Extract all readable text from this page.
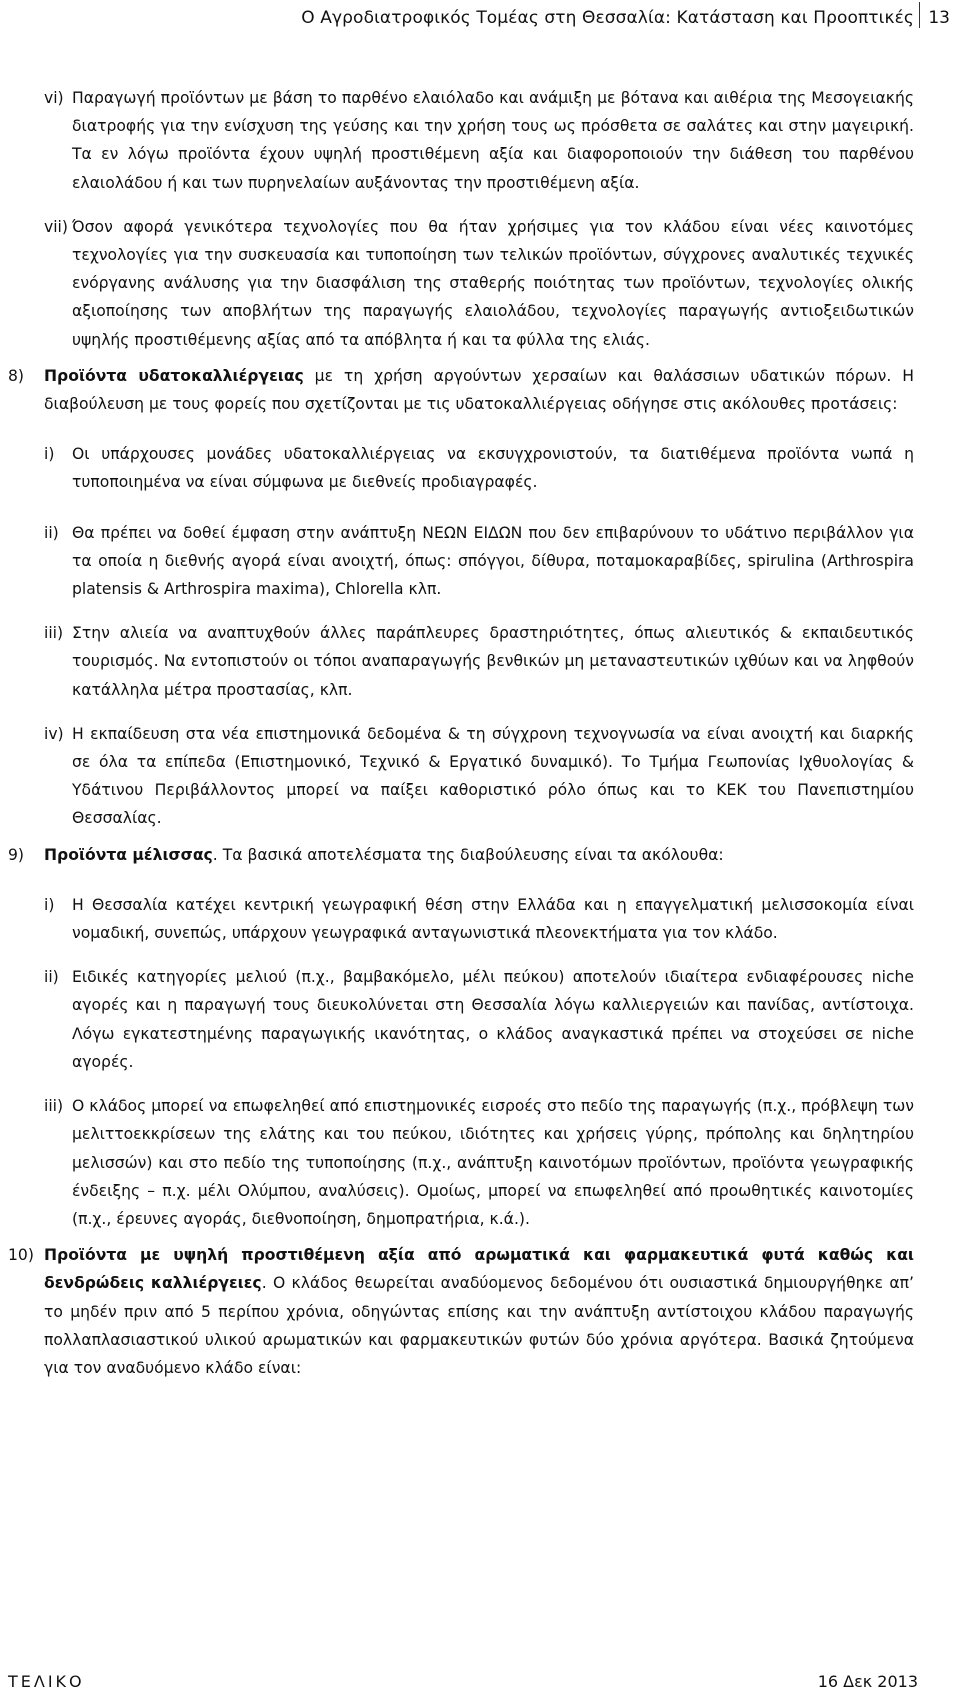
Ο Αγροδιατροφικός Τομέας στη Θεσσαλία: Κατάσταση και Προοπτικές 13
vi) Παραγωγή προϊόντων με βάση το παρθένο ελαιόλαδο και ανάμιξη με βότανα και αιθέρια της Μεσογειακής διατροφής για την ενίσχυση της γεύσης και την χρήση τους ως πρόσθετα σε σαλάτες και στην μαγειρική. Τα εν λόγω προϊόντα έχουν υψηλή προστιθέμενη αξία και διαφοροποιούν την διάθεση του παρθένου ελαιολάδου ή και των πυρηνελαίων αυξάνοντας την προστιθέμενη αξία.
vii) Όσον αφορά γενικότερα τεχνολογίες που θα ήταν χρήσιμες για τον κλάδου είναι νέες καινοτόμες τεχνολογίες για την συσκευασία και τυποποίηση των τελικών προϊόντων, σύγχρονες αναλυτικές τεχνικές ενόργανης ανάλυσης για την διασφάλιση της σταθερής ποιότητας των προϊόντων, τεχνολογίες ολικής αξιοποίησης των αποβλήτων της παραγωγής ελαιολάδου, τεχνολογίες παραγωγής αντιοξειδωτικών υψηλής προστιθέμενης αξίας από τα απόβλητα ή και τα φύλλα της ελιάς.
8) Προϊόντα υδατοκαλλιέργειας με τη χρήση αργούντων χερσαίων και θαλάσσιων υδατικών πόρων. Η διαβούλευση με τους φορείς που σχετίζονται με τις υδατοκαλλιέργειας οδήγησε στις ακόλουθες προτάσεις:
i) Οι υπάρχουσες μονάδες υδατοκαλλιέργειας να εκσυγχρονιστούν, τα διατιθέμενα προϊόντα νωπά η τυποποιημένα να είναι σύμφωνα με διεθνείς προδιαγραφές.
ii) Θα πρέπει να δοθεί έμφαση στην ανάπτυξη ΝΕΩΝ ΕΙΔΩΝ που δεν επιβαρύνουν το υδάτινο περιβάλλον για τα οποία η διεθνής αγορά είναι ανοιχτή, όπως: σπόγγοι, δίθυρα, ποταμοκαραβίδες, spirulina (Arthrospira platensis & Arthrospira maxima), Chlorella κλπ.
iii) Στην αλιεία να αναπτυχθούν άλλες παράπλευρες δραστηριότητες, όπως αλιευτικός & εκπαιδευτικός τουρισμός. Να εντοπιστούν οι τόποι αναπαραγωγής βενθικών μη μεταναστευτικών ιχθύων και να ληφθούν κατάλληλα μέτρα προστασίας, κλπ.
iv) Η εκπαίδευση στα νέα επιστημονικά δεδομένα & τη σύγχρονη τεχνογνωσία να είναι ανοιχτή και διαρκής σε όλα τα επίπεδα (Επιστημονικό, Τεχνικό & Εργατικό δυναμικό). Το Τμήμα Γεωπονίας Ιχθυολογίας & Υδάτινου Περιβάλλοντος μπορεί να παίξει καθοριστικό ρόλο όπως και το ΚΕΚ του Πανεπιστημίου Θεσσαλίας.
9) Προϊόντα μέλισσας. Τα βασικά αποτελέσματα της διαβούλευσης είναι τα ακόλουθα:
i) Η Θεσσαλία κατέχει κεντρική γεωγραφική θέση στην Ελλάδα και η επαγγελματική μελισσοκομία είναι νομαδική, συνεπώς, υπάρχουν γεωγραφικά ανταγωνιστικά πλεονεκτήματα για τον κλάδο.
ii) Ειδικές κατηγορίες μελιού (π.χ., βαμβακόμελο, μέλι πεύκου) αποτελούν ιδιαίτερα ενδιαφέρουσες niche αγορές και η παραγωγή τους διευκολύνεται στη Θεσσαλία λόγω καλλιεργειών και πανίδας, αντίστοιχα. Λόγω εγκατεστημένης παραγωγικής ικανότητας, ο κλάδος αναγκαστικά πρέπει να στοχεύσει σε niche αγορές.
iii) Ο κλάδος μπορεί να επωφεληθεί από επιστημονικές εισροές στο πεδίο της παραγωγής (π.χ., πρόβλεψη των μελιττοεκκρίσεων της ελάτης και του πεύκου, ιδιότητες και χρήσεις γύρης, πρόπολης και δηλητηρίου μελισσών) και στο πεδίο της τυποποίησης (π.χ., ανάπτυξη καινοτόμων προϊόντων, προϊόντα γεωγραφικής ένδειξης – π.χ. μέλι Ολύμπου, αναλύσεις). Ομοίως, μπορεί να επωφεληθεί από προωθητικές καινοτομίες (π.χ., έρευνες αγοράς, διεθνοποίηση, δημοπρατήρια, κ.ά.).
10) Προϊόντα με υψηλή προστιθέμενη αξία από αρωματικά και φαρμακευτικά φυτά καθώς και δενδρώδεις καλλιέργειες. Ο κλάδος θεωρείται αναδύομενος δεδομένου ότι ουσιαστικά δημιουργήθηκε απ’ το μηδέν πριν από 5 περίπου χρόνια, οδηγώντας επίσης και την ανάπτυξη αντίστοιχου κλάδου παραγωγής πολλαπλασιαστικού υλικού αρωματικών και φαρμακευτικών φυτών δύο χρόνια αργότερα. Βασικά ζητούμενα για τον αναδυόμενο κλάδο είναι:
ΤΕΛΙΚΟ	16 Δεκ 2013
